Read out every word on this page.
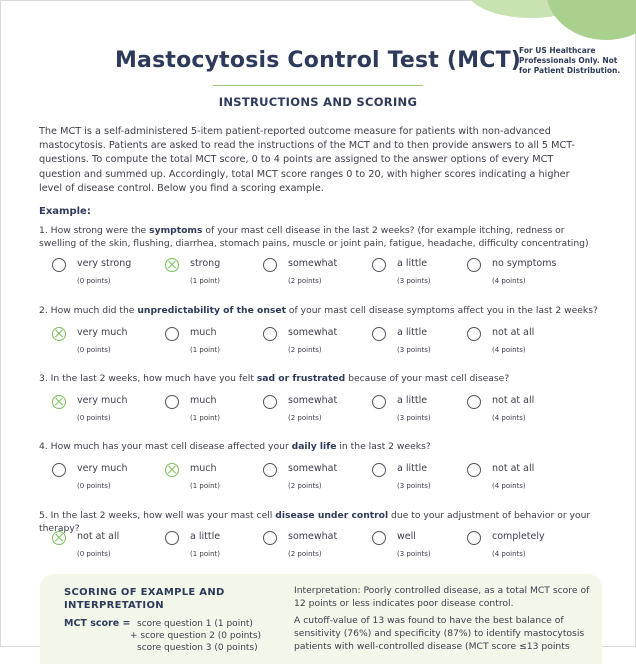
Mastocytosis Control Test (MCT)
For US Healthcare Professionals Only. Not for Patient Distribution.
INSTRUCTIONS AND SCORING
The MCT is a self-administered 5-item patient-reported outcome measure for patients with non-advanced mastocytosis. Patients are asked to read the instructions of the MCT and to then provide answers to all 5 MCT-questions. To compute the total MCT score, 0 to 4 points are assigned to the answer options of every MCT question and summed up. Accordingly, total MCT score ranges 0 to 20, with higher scores indicating a higher level of disease control. Below you find a scoring example.
Example:
1. How strong were the symptoms of your mast cell disease in the last 2 weeks? (for example itching, redness or swelling of the skin, flushing, diarrhea, stomach pains, muscle or joint pain, fatigue, headache, difficulty concentrating)
very strong
(0 points)
strong
(1 point)
somewhat
(2 points)
a little
(3 points)
no symptoms
(4 points)
2. How much did the unpredictability of the onset of your mast cell disease symptoms affect you in the last 2 weeks?
very much
(0 points)
much
(1 point)
somewhat
(2 points)
a little
(3 points)
not at all
(4 points)
3. In the last 2 weeks, how much have you felt sad or frustrated because of your mast cell disease?
very much
(0 points)
much
(1 point)
somewhat
(2 points)
a little
(3 points)
not at all
(4 points)
4. How much has your mast cell disease affected your daily life in the last 2 weeks?
very much
(0 points)
much
(1 point)
somewhat
(2 points)
a little
(3 points)
not at all
(4 points)
5. In the last 2 weeks, how well was your mast cell disease under control due to your adjustment of behavior or your therapy?
not at all
(0 points)
a little
(1 point)
somewhat
(2 points)
well
(3 points)
completely
(4 points)
SCORING OF EXAMPLE AND INTERPRETATION
MCT score = score question 1 (1 point)
+ score question 2 (0 points)
score question 3 (0 points)
Interpretation: Poorly controlled disease, as a total MCT score of 12 points or less indicates poor disease control.
A cutoff-value of 13 was found to have the best balance of sensitivity (76%) and specificity (87%) to identify mastocytosis patients with well-controlled disease (MCT score ≤13 points
